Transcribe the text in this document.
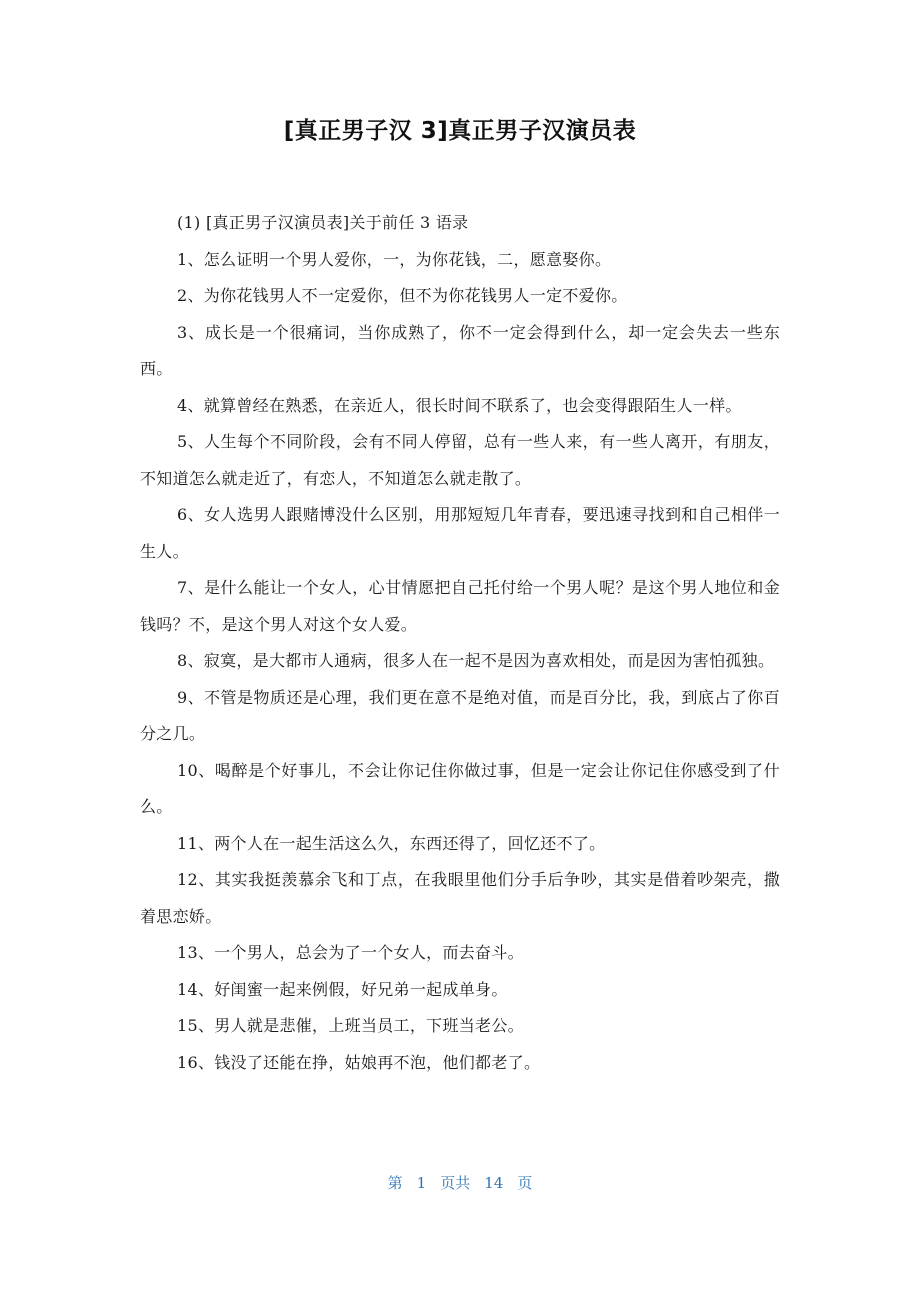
[真正男子汉 3]真正男子汉演员表

(1) [真正男子汉演员表]关于前任 3 语录

1、怎么证明一个男人爱你，一，为你花钱，二，愿意娶你。

2、为你花钱男人不一定爱你，但不为你花钱男人一定不爱你。

3、成长是一个很痛词，当你成熟了，你不一定会得到什么，却一定会失去一些东西。

4、就算曾经在熟悉，在亲近人，很长时间不联系了，也会变得跟陌生人一样。

5、人生每个不同阶段，会有不同人停留，总有一些人来，有一些人离开，有朋友，不知道怎么就走近了，有恋人，不知道怎么就走散了。

6、女人选男人跟赌博没什么区别，用那短短几年青春，要迅速寻找到和自己相伴一生人。

7、是什么能让一个女人，心甘情愿把自己托付给一个男人呢？是这个男人地位和金钱吗？不，是这个男人对这个女人爱。

8、寂寞，是大都市人通病，很多人在一起不是因为喜欢相处，而是因为害怕孤独。

9、不管是物质还是心理，我们更在意不是绝对值，而是百分比，我，到底占了你百分之几。

10、喝醉是个好事儿，不会让你记住你做过事，但是一定会让你记住你感受到了什么。

11、两个人在一起生活这么久，东西还得了，回忆还不了。

12、其实我挺羡慕余飞和丁点，在我眼里他们分手后争吵，其实是借着吵架壳，撒着思恋娇。

13、一个男人，总会为了一个女人，而去奋斗。

14、好闺蜜一起来例假，好兄弟一起成单身。

15、男人就是悲催，上班当员工，下班当老公。

16、钱没了还能在挣，姑娘再不泡，他们都老了。

第 1 页共 14 页
